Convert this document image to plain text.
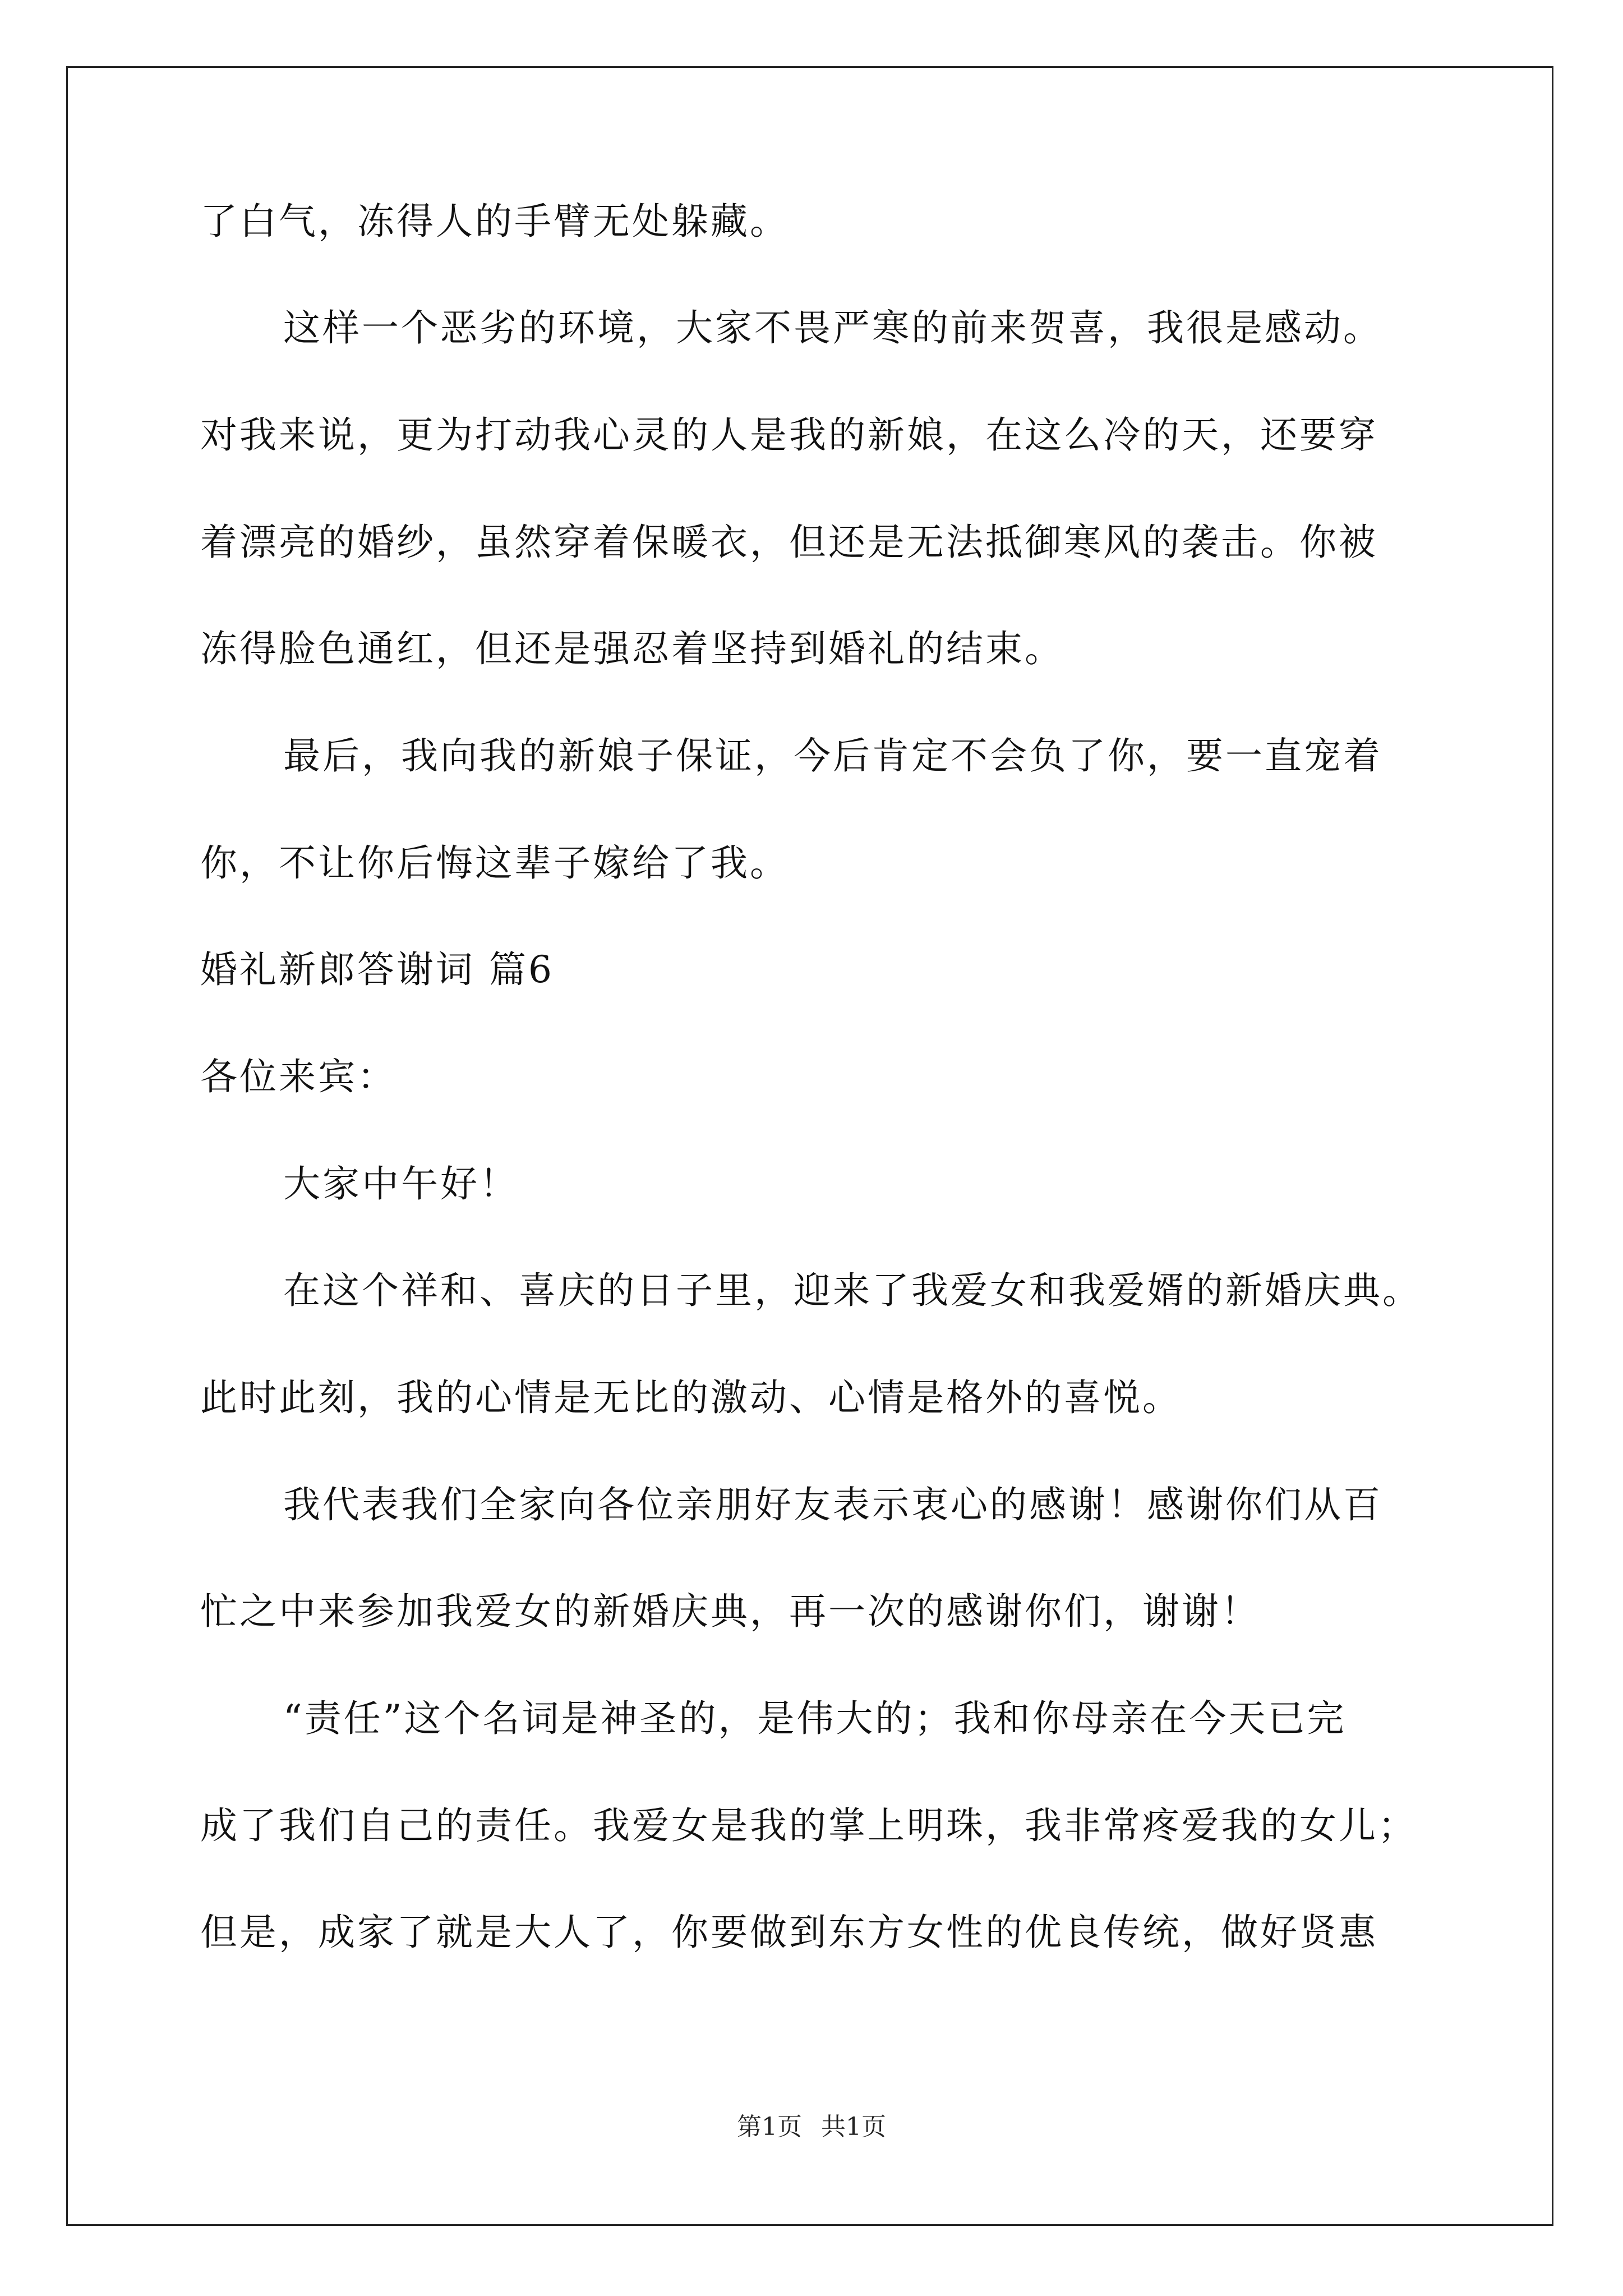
了白气，冻得人的手臂无处躲藏。
这样一个恶劣的环境，大家不畏严寒的前来贺喜，我很是感动。
对我来说，更为打动我心灵的人是我的新娘，在这么冷的天，还要穿
着漂亮的婚纱，虽然穿着保暖衣，但还是无法抵御寒风的袭击。你被
冻得脸色通红，但还是强忍着坚持到婚礼的结束。
最后，我向我的新娘子保证，今后肯定不会负了你，要一直宠着
你，不让你后悔这辈子嫁给了我。
婚礼新郎答谢词 篇6
各位来宾：
大家中午好！
在这个祥和、喜庆的日子里，迎来了我爱女和我爱婿的新婚庆典。
此时此刻，我的心情是无比的激动、心情是格外的喜悦。
我代表我们全家向各位亲朋好友表示衷心的感谢！感谢你们从百
忙之中来参加我爱女的新婚庆典，再一次的感谢你们，谢谢！
“责任”这个名词是神圣的，是伟大的；我和你母亲在今天已完
成了我们自己的责任。我爱女是我的掌上明珠，我非常疼爱我的女儿；
但是，成家了就是大人了，你要做到东方女性的优良传统，做好贤惠
第1页 共1页
